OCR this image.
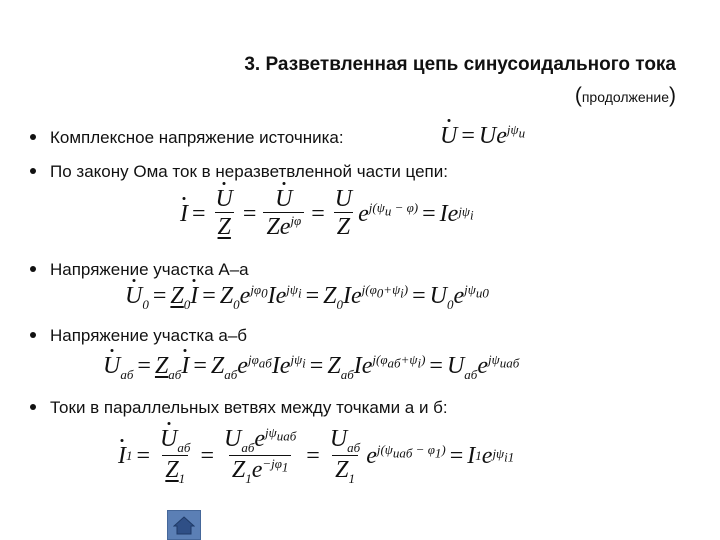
3. Разветвленная цепь синусоидального тока
(продолжение)
Комплексное напряжение источника:	$U = Ue^{j\psi_u}$
По закону Ома ток в неразветвленной части цепи:
$I = \frac{U}{Z} = \frac{U}{Ze^{j\varphi}} = \frac{U}{Z} e^{j(\psi_u - \varphi)} = Ie$ $j\psi_i$
Напряжение участка А–а
$U_0 = Z_0I = Z_0e^{j\varphi_0}Ie^{j\psi_i} = Z_0Ie^{j(\varphi_0+\psi_i)} = U_0e^{j\psi_{u0}}$
Напряжение участка а–б
$U_{аб} = Z_{аб}I = Z_{аб}e^{j\varphi_{аб}}Ie^{j\psi_i} = Z_{аб}Ie^{j(\varphi_{аб}+\psi_i)} = U_{аб}e^{j\psi_{uаб}}$
Токи в параллельных ветвях между точками а и б:
I $1 = \frac{U_{аб}}{Z_1} = \frac{U_{аб}e^{j\psi_{uаб}}}{Z_1e^{-j\varphi_1}} = \frac{U_{аб}}{Z_1} e^{j(\psi_{uаб} - \varphi_1)} = I$ 1 e $j\psi_{i1}$
